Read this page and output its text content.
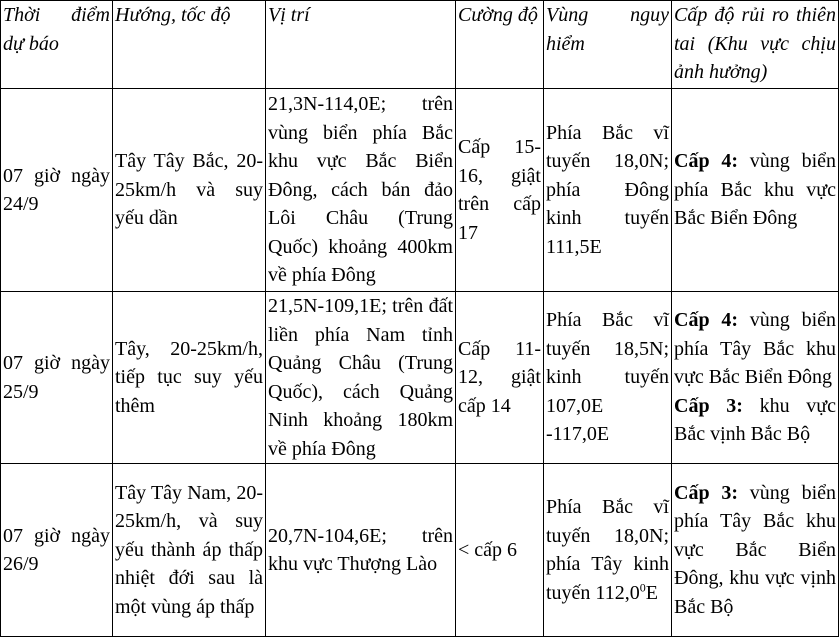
Thời điểm dự báo	Hướng, tốc độ	Vị trí	Cường độ	Vùng nguy hiểm	Cấp độ rủi ro thiên tai (Khu vực chịu ảnh hưởng)
07 giờ ngày 24/9	Tây Tây Bắc, 20-25km/h và suy yếu dần	21,3N-114,0E; trên vùng biển phía Bắc khu vực Bắc Biển Đông, cách bán đảo Lôi Châu (Trung Quốc) khoảng 400km về phía Đông	Cấp 15-16, giật trên cấp 17	Phía Bắc vĩ tuyến 18,0N; phía Đông kinh tuyến 111,5E	Cấp 4: vùng biển phía Bắc khu vực Bắc Biển Đông
07 giờ ngày 25/9	Tây, 20-25km/h, tiếp tục suy yếu thêm	21,5N-109,1E; trên đất liền phía Nam tỉnh Quảng Châu (Trung Quốc), cách Quảng Ninh khoảng 180km về phía Đông	Cấp 11-12, giật cấp 14	Phía Bắc vĩ tuyến 18,5N; kinh tuyến 107,0E -117,0E	Cấp 4: vùng biển phía Tây Bắc khu vực Bắc Biển Đông
Cấp 3: khu vực Bắc vịnh Bắc Bộ

07 giờ ngày 26/9	Tây Tây Nam, 20-25km/h, và suy yếu thành áp thấp nhiệt đới sau là một vùng áp thấp	20,7N-104,6E; trên khu vực Thượng Lào	< cấp 6	Phía Bắc vĩ tuyến 18,0N; phía Tây kinh tuyến 112,0$^0$E	Cấp 3: vùng biển phía Tây Bắc khu vực Bắc Biển Đông, khu vực vịnh Bắc Bộ
